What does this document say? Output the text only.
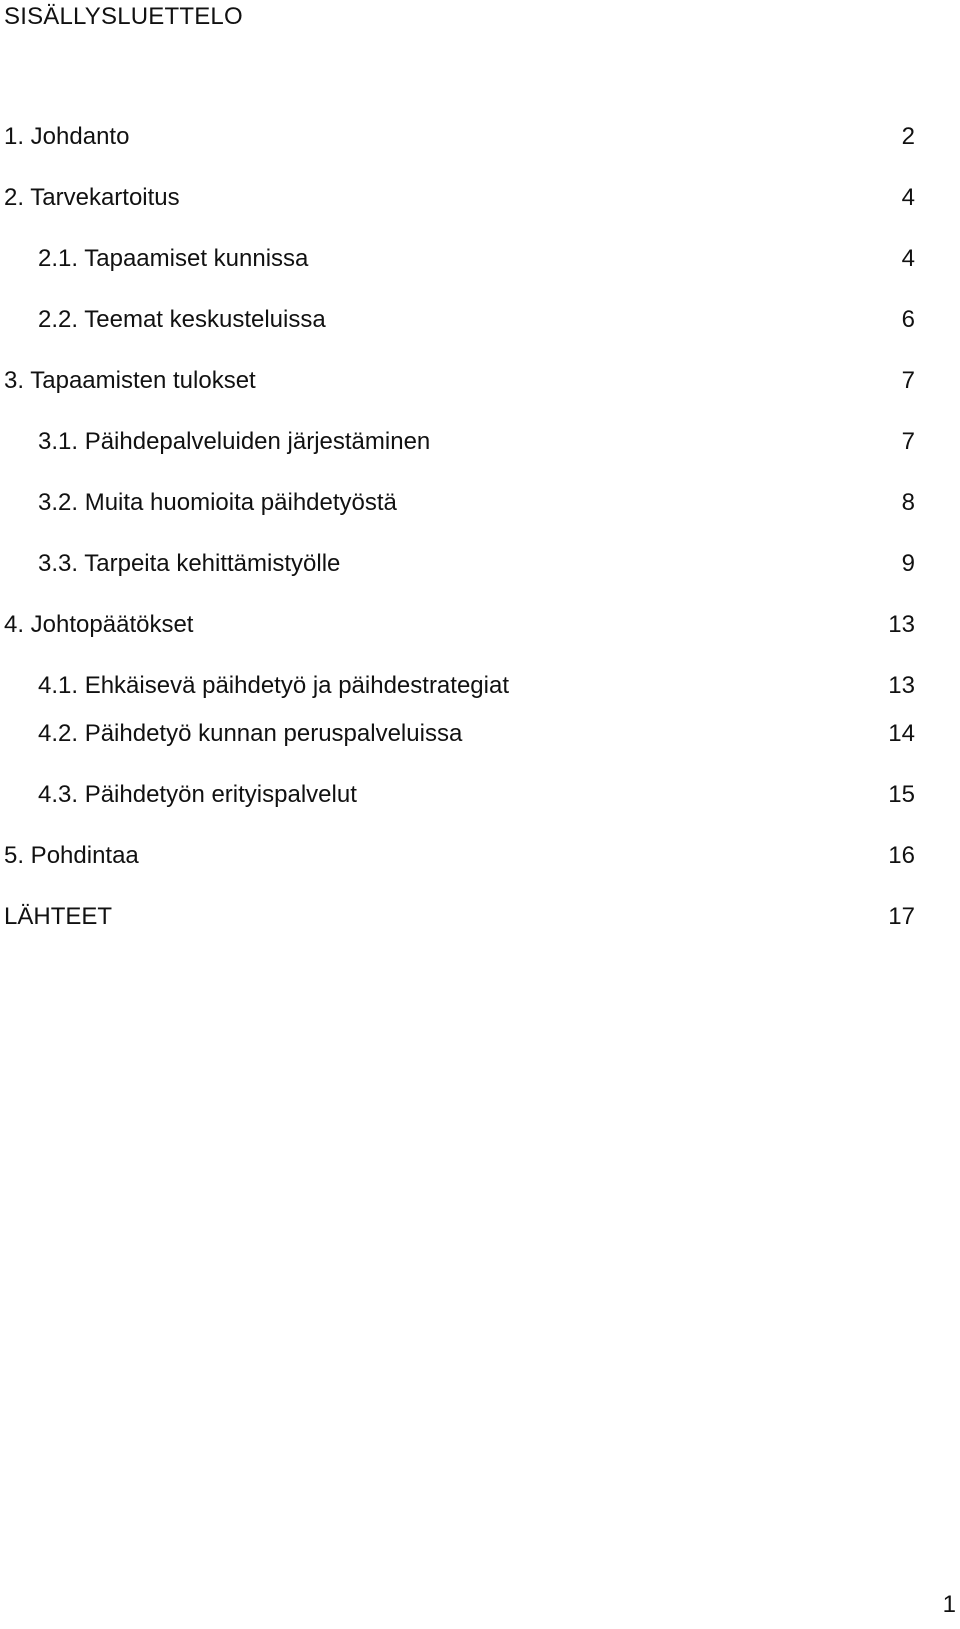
SISÄLLYSLUETTELO
1. Johdanto	2
2. Tarvekartoitus	4
2.1. Tapaamiset kunnissa	4
2.2. Teemat keskusteluissa	6
3. Tapaamisten tulokset	7
3.1. Päihdepalveluiden järjestäminen	7
3.2. Muita huomioita päihdetyöstä	8
3.3. Tarpeita kehittämistyölle	9
4. Johtopäätökset	13
4.1. Ehkäisevä päihdetyö ja päihdestrategiat	13
4.2. Päihdetyö kunnan peruspalveluissa	14
4.3. Päihdetyön erityispalvelut	15
5. Pohdintaa	16
LÄHTEET	17
1
